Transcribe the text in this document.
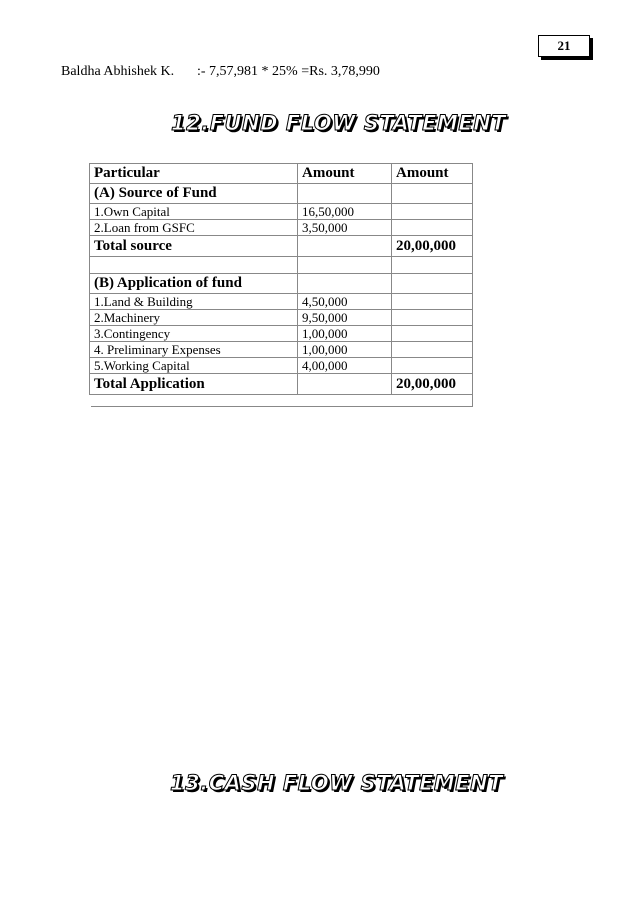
21
Baldha Abhishek K. :- 7,57,981 * 25% =Rs. 3,78,990
12.FUND FLOW STATEMENT
Particular	Amount	Amount
(A) Source of Fund		
1.Own Capital	16,50,000	
2.Loan from GSFC	3,50,000	
Total source		20,00,000

(B) Application of fund		
1.Land & Building	4,50,000	
2.Machinery	9,50,000	
3.Contingency	1,00,000	
4. Preliminary Expenses	1,00,000	
5.Working Capital	4,00,000	
Total Application		20,00,000
13.CASH FLOW STATEMENT
